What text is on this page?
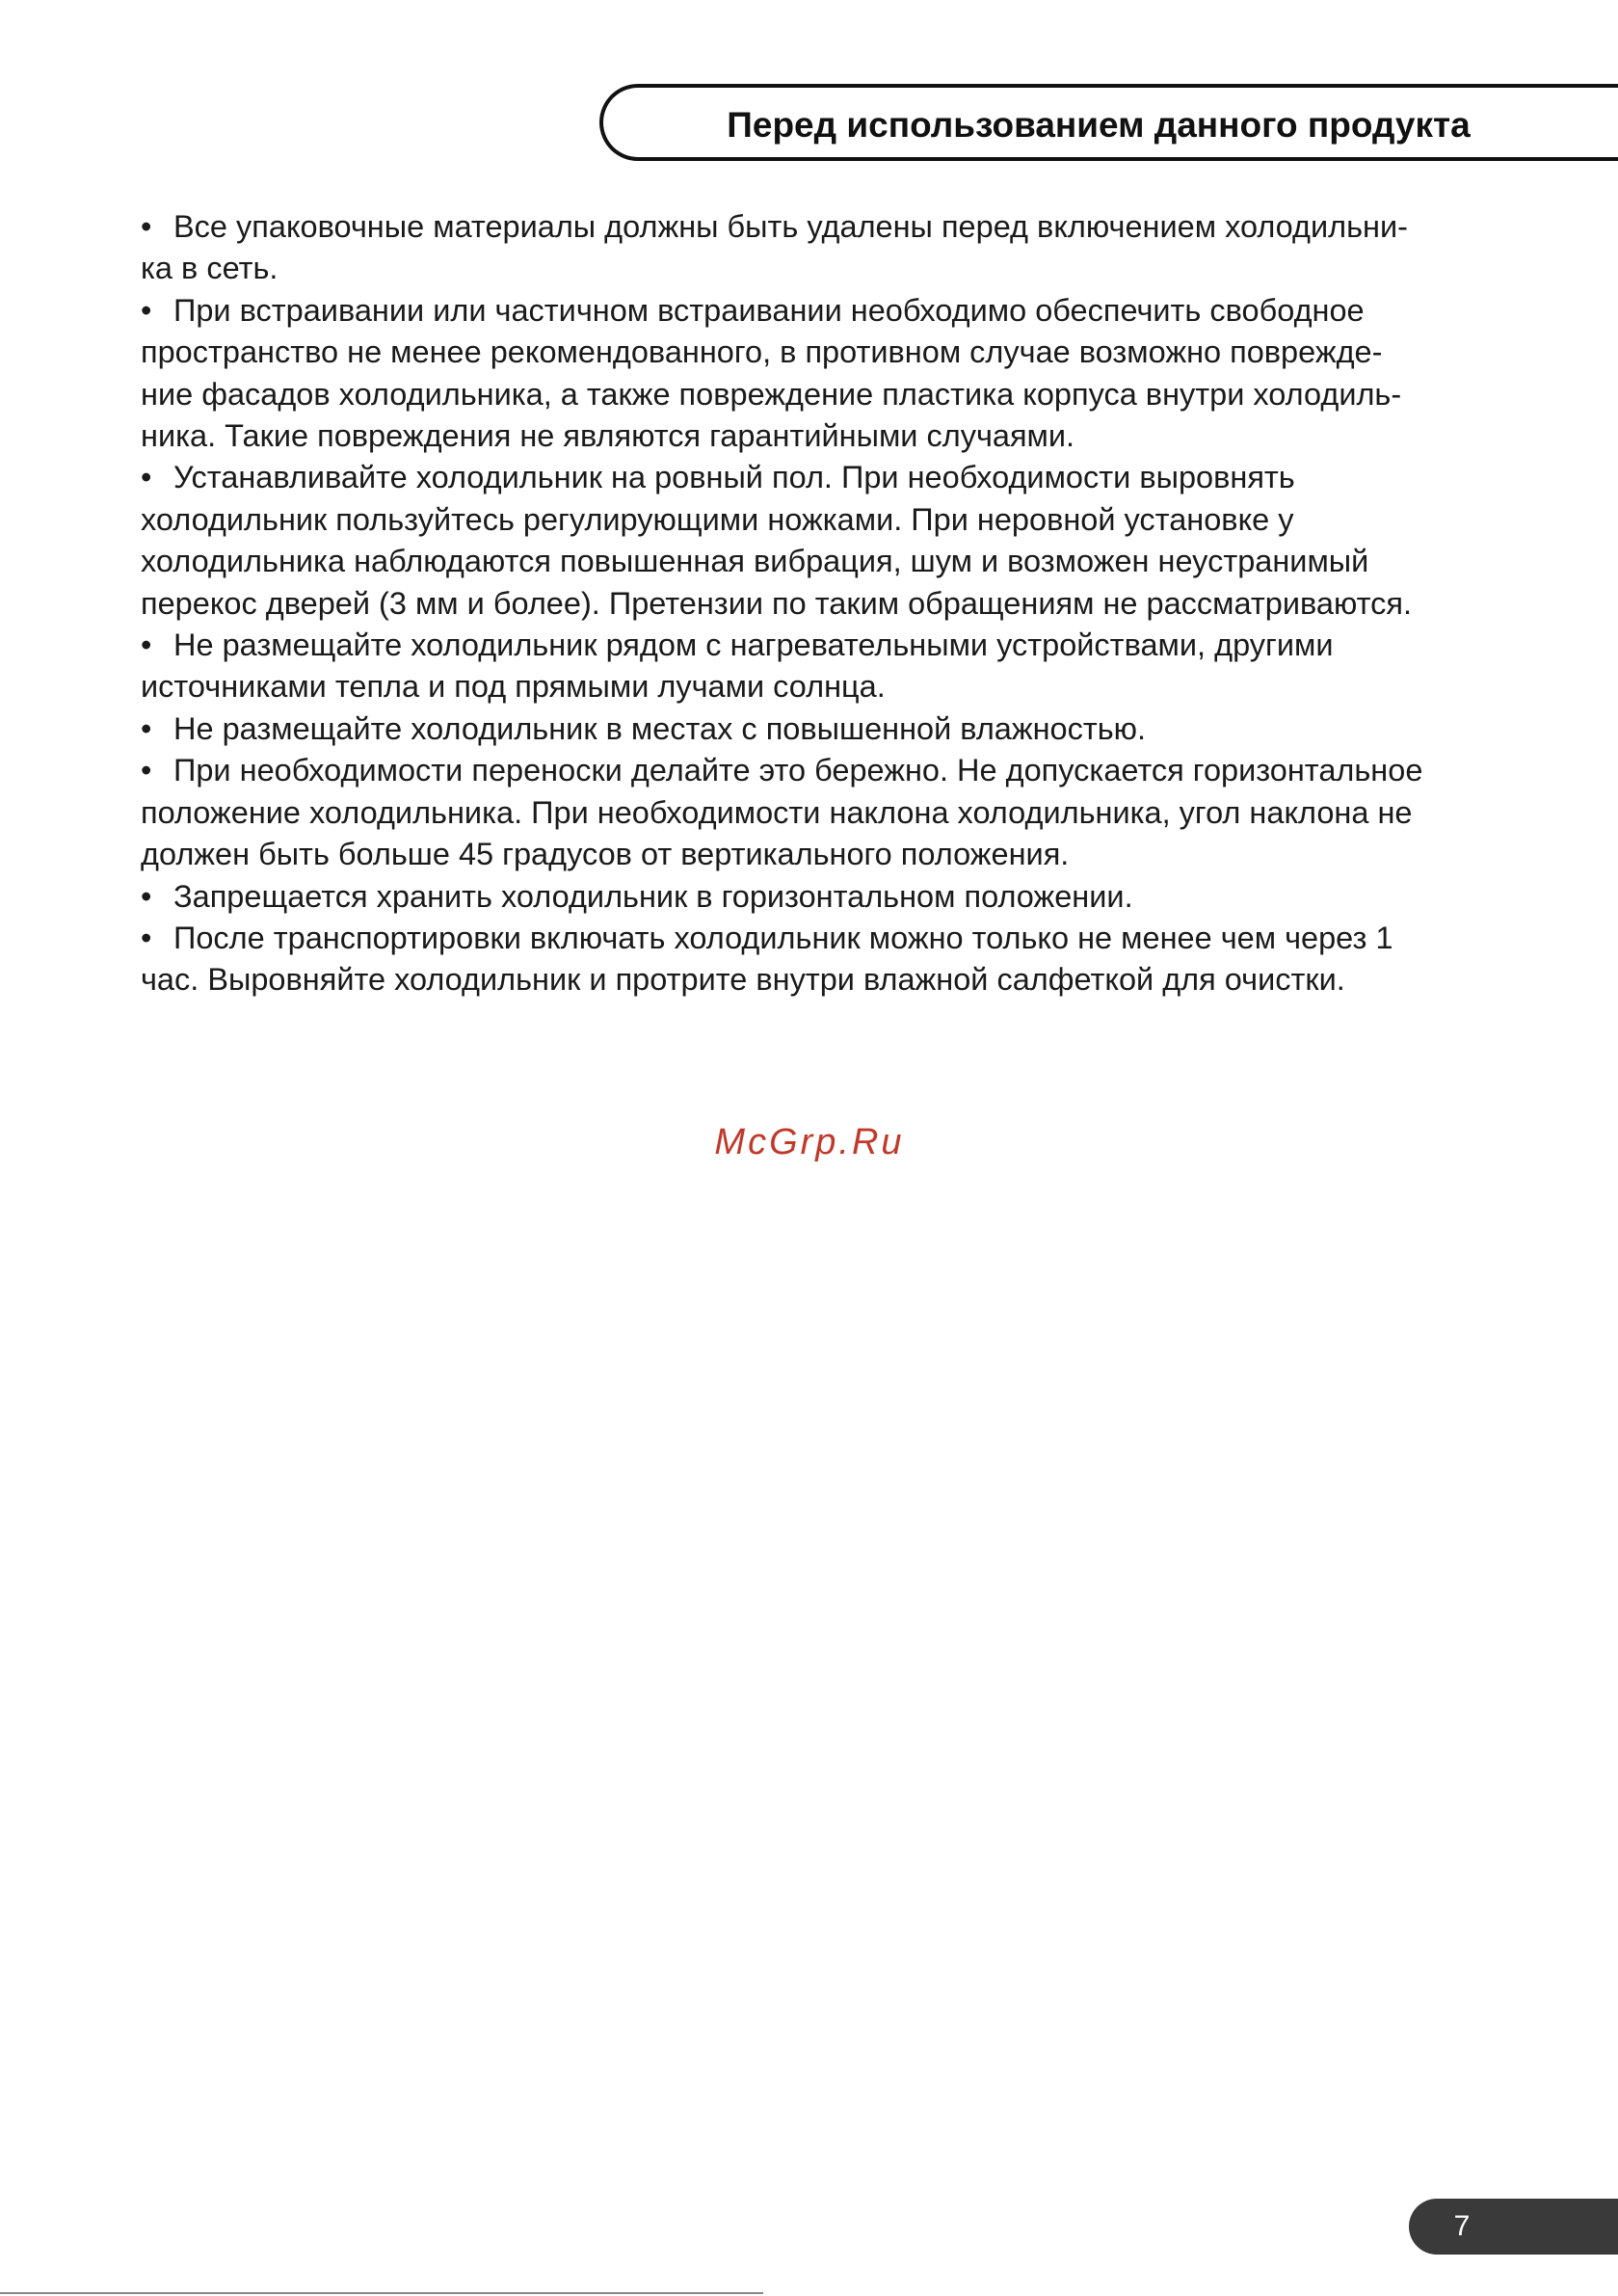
Перед использованием данного продукта
• Все упаковочные материалы должны быть удалены перед включением холодильни-
ка в сеть.
• При встраивании или частичном встраивании необходимо обеспечить свободное
пространство не менее рекомендованного, в противном случае возможно поврежде-
ние фасадов холодильника, а также повреждение пластика корпуса внутри холодиль-
ника. Такие повреждения не являются гарантийными случаями.
• Устанавливайте холодильник на ровный пол. При необходимости выровнять
холодильник пользуйтесь регулирующими ножками. При неровной установке у
холодильника наблюдаются повышенная вибрация, шум и возможен неустранимый
перекос дверей (3 мм и более). Претензии по таким обращениям не рассматриваются.
• Не размещайте холодильник рядом с нагревательными устройствами, другими
источниками тепла и под прямыми лучами солнца.
• Не размещайте холодильник в местах с повышенной влажностью.
• При необходимости переноски делайте это бережно. Не допускается горизонтальное
положение холодильника. При необходимости наклона холодильника, угол наклона не
должен быть больше 45 градусов от вертикального положения.
• Запрещается хранить холодильник в горизонтальном положении.
• После транспортировки включать холодильник можно только не менее чем через 1
час. Выровняйте холодильник и протрите внутри влажной салфеткой для очистки.
McGrp.Ru
7
